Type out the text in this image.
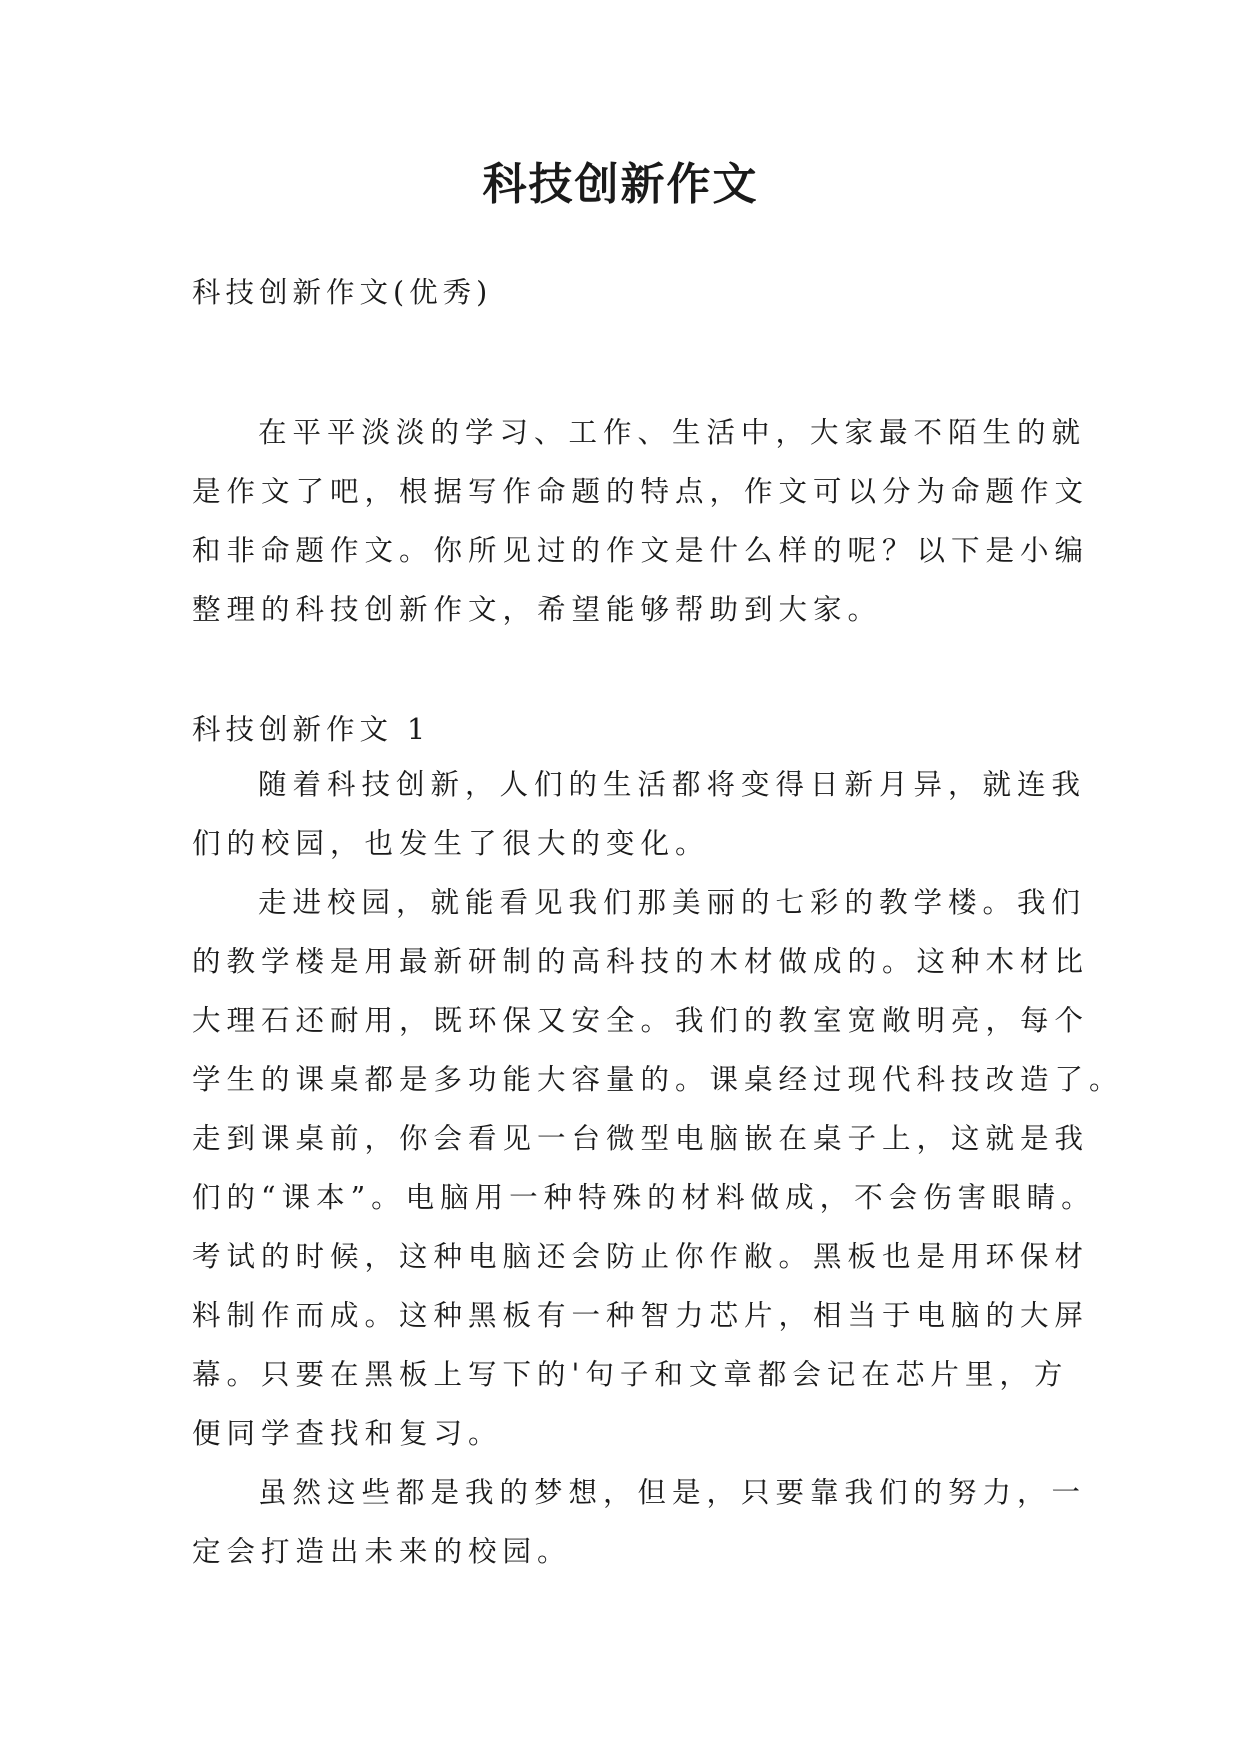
科技创新作文

科技创新作文(优秀)

在平平淡淡的学习、工作、生活中，大家最不陌生的就
是作文了吧，根据写作命题的特点，作文可以分为命题作文
和非命题作文。你所见过的作文是什么样的呢？以下是小编
整理的科技创新作文，希望能够帮助到大家。

科技创新作文 1

随着科技创新，人们的生活都将变得日新月异，就连我
们的校园，也发生了很大的变化。
走进校园，就能看见我们那美丽的七彩的教学楼。我们
的教学楼是用最新研制的高科技的木材做成的。这种木材比
大理石还耐用，既环保又安全。我们的教室宽敞明亮，每个
学生的课桌都是多功能大容量的。课桌经过现代科技改造了。
走到课桌前，你会看见一台微型电脑嵌在桌子上，这就是我
们的“课本”。电脑用一种特殊的材料做成，不会伤害眼睛。
考试的时候，这种电脑还会防止你作敝。黑板也是用环保材
料制作而成。这种黑板有一种智力芯片，相当于电脑的大屏
幕。只要在黑板上写下的'句子和文章都会记在芯片里，方
便同学查找和复习。
虽然这些都是我的梦想，但是，只要靠我们的努力，一
定会打造出未来的校园。
